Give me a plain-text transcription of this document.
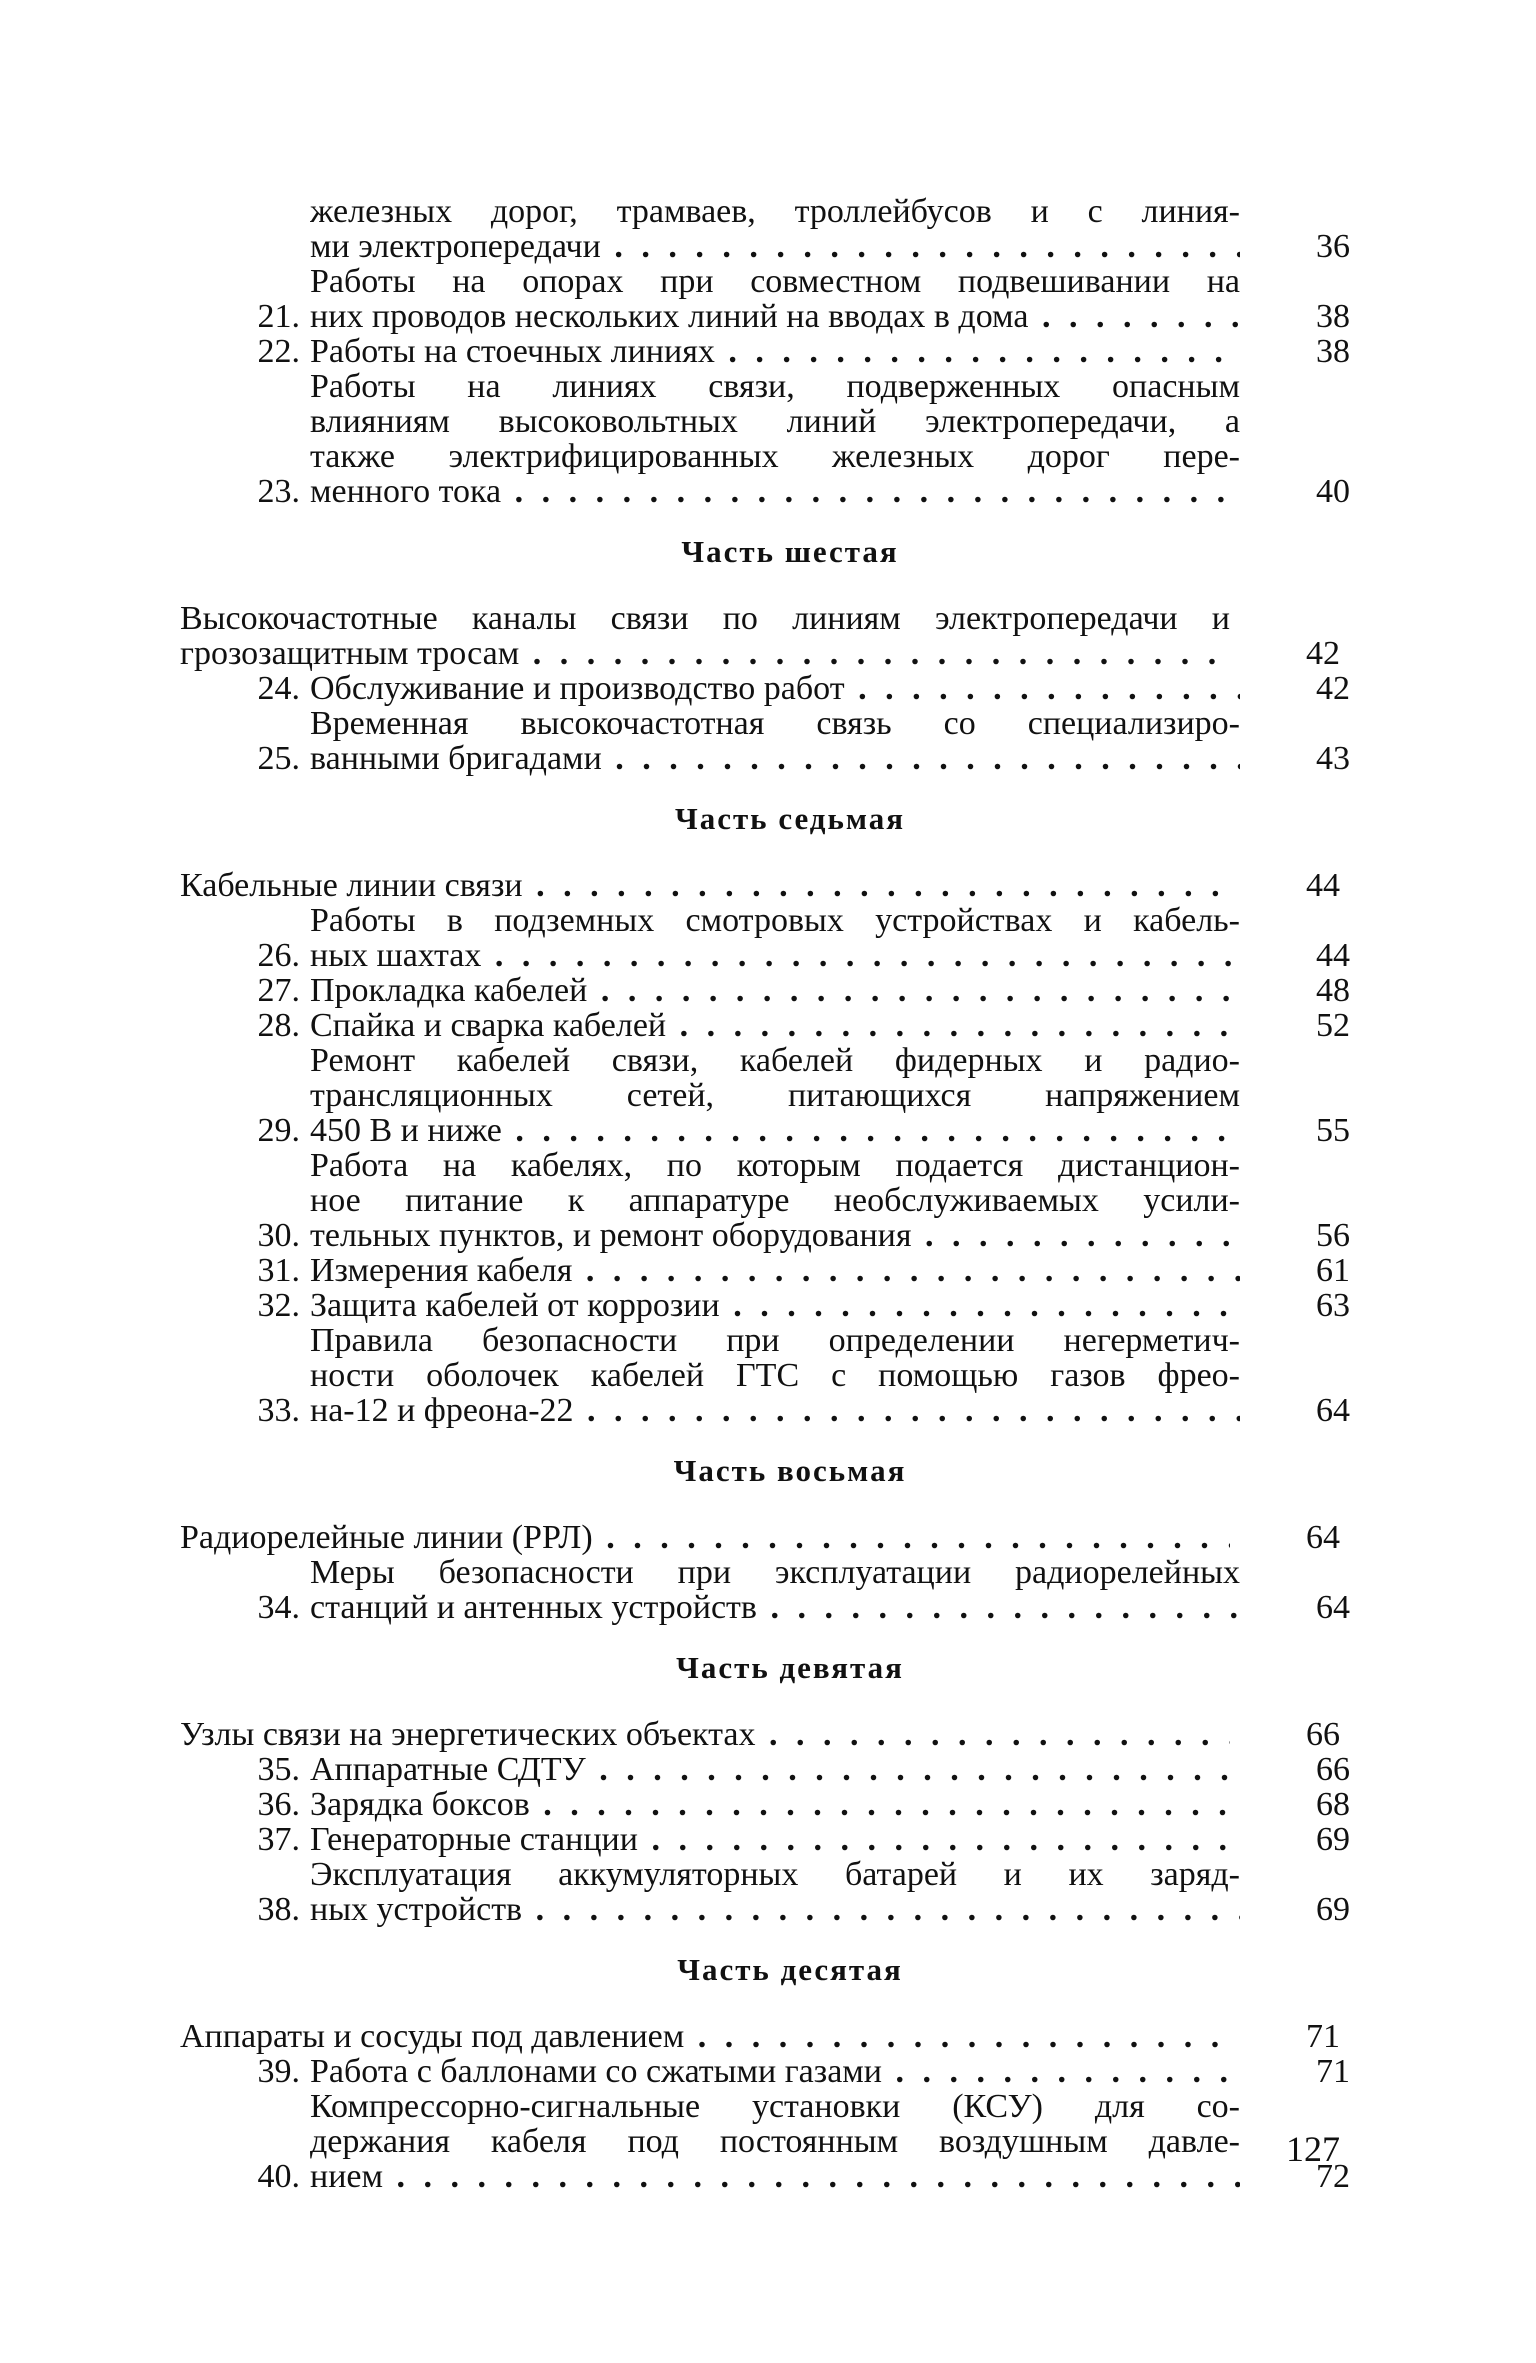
железных дорог, трамваев, троллейбусов и с линия-
ми электропередачи . . .	36
21.
Работы на опорах при совместном подвешивании на
них проводов нескольких линий на вводах в дома . . .	38
22. Работы на стоечных линиях . . .	38
23.
Работы на линиях связи, подверженных опасным
влияниям высоковольтных линий электропередачи, а
также электрифицированных железных дорог пере-
менного тока . . .	40
Часть шестая
Высокочастотные каналы связи по линиям электропередачи и
грозозащитным тросам . . .	42
24. Обслуживание и производство работ . . .	42
25.
Временная высокочастотная связь со специализиро-
ванными бригадами . . .	43
Часть седьмая
Кабельные линии связи . . .	44
26.
Работы в подземных смотровых устройствах и кабель-
ных шахтах . . .	44
27. Прокладка кабелей . . .	48
28. Спайка и сварка кабелей . . .	52
29.
Ремонт кабелей связи, кабелей фидерных и радио-
трансляционных сетей, питающихся напряжением
450 В и ниже . . .	55
30.
Работа на кабелях, по которым подается дистанцион-
ное питание к аппаратуре необслуживаемых усили-
тельных пунктов, и ремонт оборудования . . .	56
31. Измерения кабеля . . .	61
32. Защита кабелей от коррозии . . .	63
33.
Правила безопасности при определении негерметич-
ности оболочек кабелей ГТС с помощью газов фрео-
на-12 и фреона-22 . . .	64
Часть восьмая
Радиорелейные линии (РРЛ) . . .	64
34.
Меры безопасности при эксплуатации радиорелейных
станций и антенных устройств . . .	64
Часть девятая
Узлы связи на энергетических объектах . . .	66
35. Аппаратные СДТУ . . .	66
36. Зарядка боксов . . .	68
37. Генераторные станции . . .	69
38.
Эксплуатация аккумуляторных батарей и их заряд-
ных устройств . . .	69
Часть десятая
Аппараты и сосуды под давлением . . .	71
39. Работа с баллонами со сжатыми газами . . .	71
40.
Компрессорно-сигнальные установки (КСУ) для со-
держания кабеля под постоянным воздушным давле-
нием . . .	72
127
